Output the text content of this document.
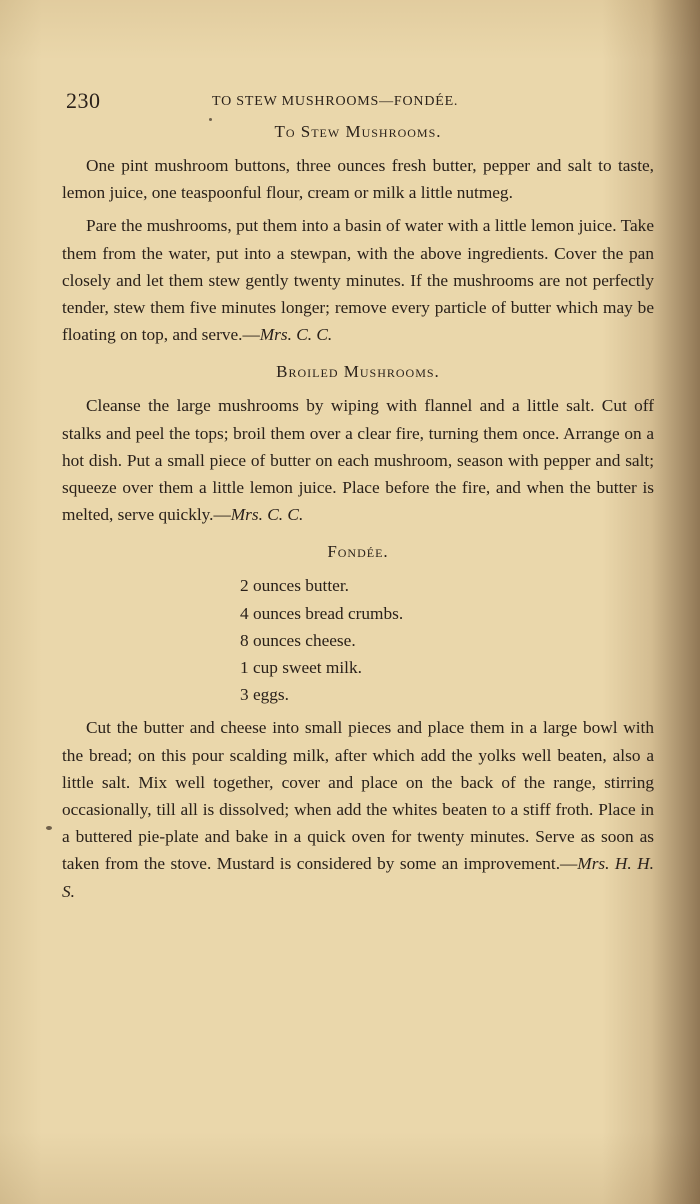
230	TO STEW MUSHROOMS—FONDÉE.
To Stew Mushrooms.

One pint mushroom buttons, three ounces fresh butter, pepper and salt to taste, lemon juice, one teaspoonful flour, cream or milk a little nutmeg.

Pare the mushrooms, put them into a basin of water with a little lemon juice. Take them from the water, put into a stewpan, with the above ingredients. Cover the pan closely and let them stew gently twenty minutes. If the mushrooms are not perfectly tender, stew them five minutes longer; remove every particle of butter which may be floating on top, and serve.—Mrs. C. C.

Broiled Mushrooms.

Cleanse the large mushrooms by wiping with flannel and a little salt. Cut off stalks and peel the tops; broil them over a clear fire, turning them once. Arrange on a hot dish. Put a small piece of butter on each mushroom, season with pepper and salt; squeeze over them a little lemon juice. Place before the fire, and when the butter is melted, serve quickly.—Mrs. C. C.

Fondée.
2 ounces butter.
4 ounces bread crumbs.
8 ounces cheese.
1 cup sweet milk.
3 eggs.

Cut the butter and cheese into small pieces and place them in a large bowl with the bread; on this pour scalding milk, after which add the yolks well beaten, also a little salt. Mix well together, cover and place on the back of the range, stirring occasionally, till all is dissolved; when add the whites beaten to a stiff froth. Place in a buttered pie-plate and bake in a quick oven for twenty minutes. Serve as soon as taken from the stove. Mustard is considered by some an improvement.—Mrs. H. H. S.
